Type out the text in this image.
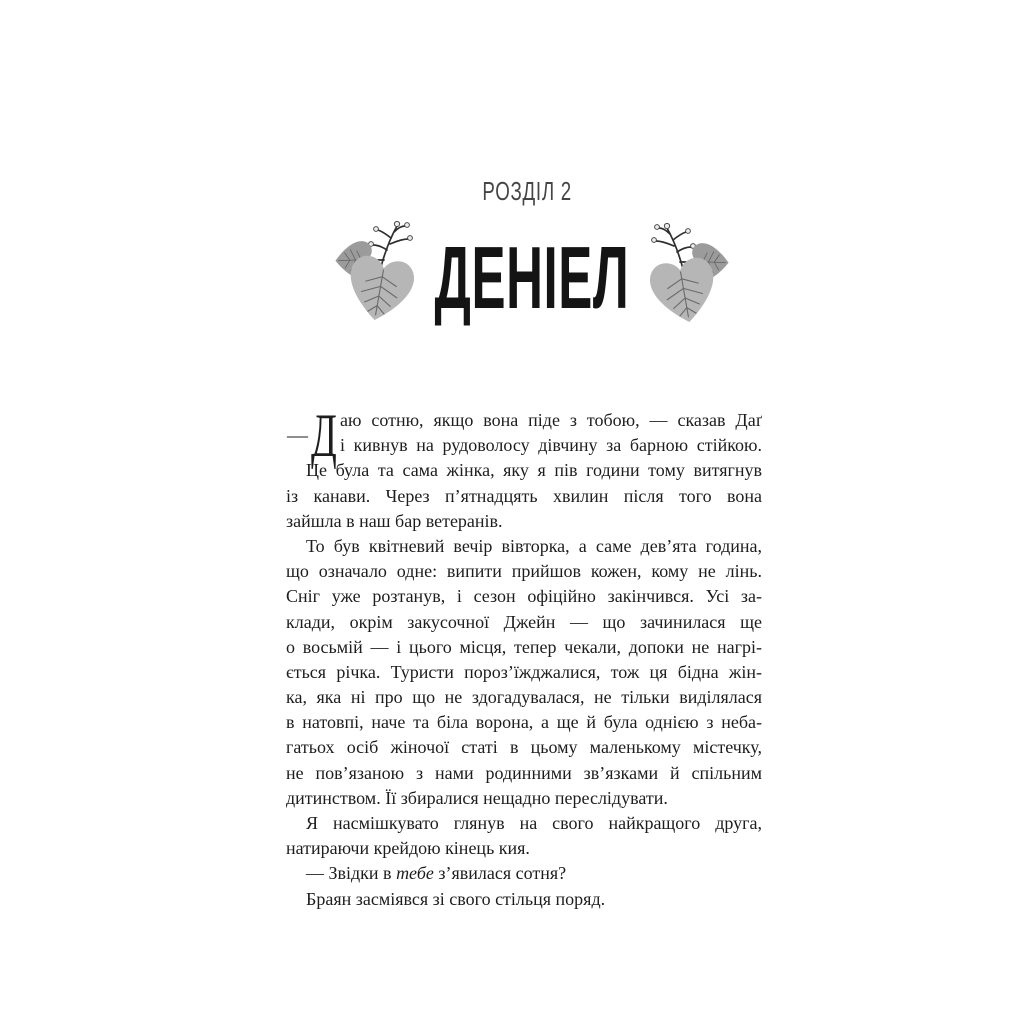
РОЗДІЛ 2
ДЕНІЕЛ
— Д аю сотню, якщо вона піде з тобою, — сказав Даґ
і кивнув на рудоволосу дівчину за барною стійкою.
Це була та сама жінка, яку я пів години тому витягнув
із канави. Через п’ятнадцять хвилин після того вона
зайшла в наш бар ветеранів.
То був квітневий вечір вівторка, а саме дев’ята година,
що означало одне: випити прийшов кожен, кому не лінь.
Сніг уже розтанув, і сезон офіційно закінчився. Усі за-
клади, окрім закусочної Джейн — що зачинилася ще
о восьмій — і цього місця, тепер чекали, допоки не нагрі-
ється річка. Туристи пороз’їжджалися, тож ця бідна жін-
ка, яка ні про що не здогадувалася, не тільки виділялася
в натовпі, наче та біла ворона, а ще й була однією з неба-
гатьох осіб жіночої статі в цьому маленькому містечку,
не пов’язаною з нами родинними зв’язками й спільним
дитинством. Її збиралися нещадно переслідувати.
Я насмішкувато глянув на свого найкращого друга,
натираючи крейдою кінець кия.
— Звідки в тебе з’явилася сотня?
Браян засміявся зі свого стільця поряд.
